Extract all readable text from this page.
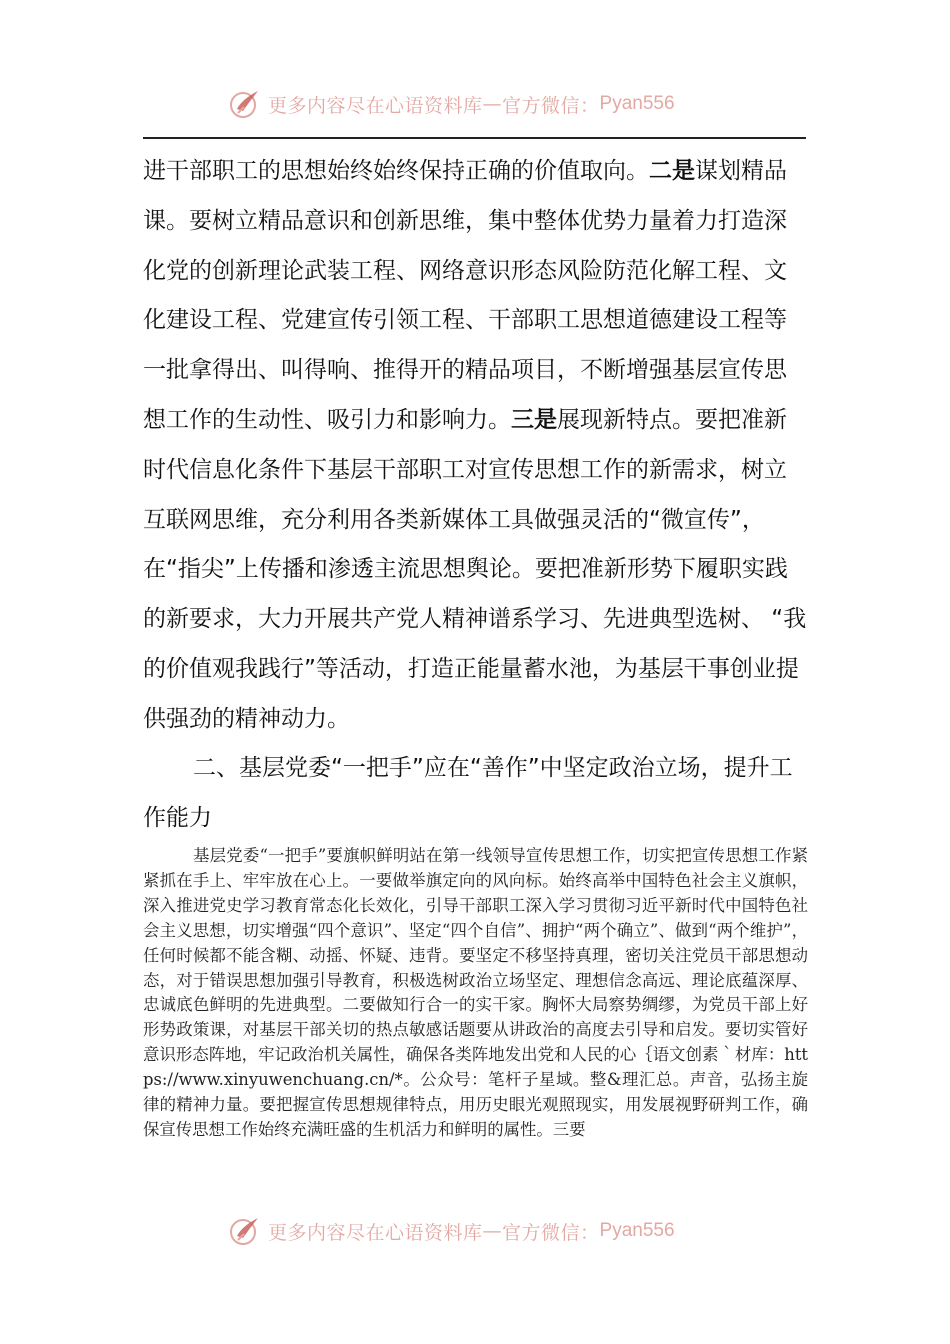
更多内容尽在心语资料库 — 官方微信： Pyan556

进干部职工的思想始终始终保持正确的价值取向。二是谋划精品课。要树立精品意识和创新思维，集中整体优势力量着力打造深化党的创新理论武装工程、网络意识形态风险防范化解工程、文化建设工程、党建宣传引领工程、干部职工思想道德建设工程等一批拿得出、叫得响、推得开的精品项目，不断增强基层宣传思想工作的生动性、吸引力和影响力。三是展现新特点。要把准新时代信息化条件下基层干部职工对宣传思想工作的新需求，树立互联网思维，充分利用各类新媒体工具做强灵活的“微宣传”，在“指尖”上传播和渗透主流思想舆论。要把准新形势下履职实践的新要求，大力开展共产党人精神谱系学习、先进典型选树、 “我的价值观我践行”等活动，打造正能量蓄水池，为基层干事创业提供强劲的精神动力。

二、基层党委“一把手”应在“善作”中坚定政治立场，提升工作能力
基层党委“一把手”要旗帜鲜明站在第一线领导宣传思想工作，切实把宣传思想工作紧紧抓在手上、牢牢放在心上。一要做举旗定向的风向标。始终高举中国特色社会主义旗帜，深入推进党史学习教育常态化长效化，引导干部职工深入学习贯彻习近平新时代中国特色社会主义思想，切实增强“四个意识”、坚定“四个自信”、拥护“两个确立”、做到“两个维护”，任何时候都不能含糊、动摇、怀疑、违背。要坚定不移坚持真理，密切关注党员干部思想动态，对于错误思想加强引导教育，积极选树政治立场坚定、理想信念高远、理论底蕴深厚、忠诚底色鲜明的先进典型。二要做知行合一的实干家。胸怀大局察势绸缪，为党员干部上好形势政策课，对基层干部关切的热点敏感话题要从讲政治的高度去引导和启发。要切实管好意识形态阵地，牢记政治机关属性，确保各类阵地发出党和人民的心｛语文创素｀材库：https://www.xinyuwenchuang.cn/*。公众号：笔杆子星域。整&理汇总。声音，弘扬主旋律的精神力量。要把握宣传思想规律特点，用历史眼光观照现实，用发展视野研判工作，确保宣传思想工作始终充满旺盛的生机活力和鲜明的属性。三要
更多内容尽在心语资料库 — 官方微信： Pyan556
